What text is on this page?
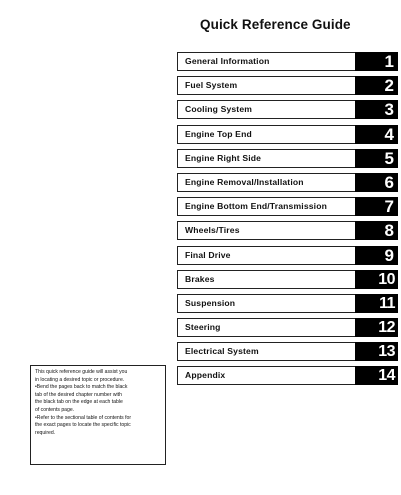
Quick Reference Guide
General Information	1
Fuel System	2
Cooling System	3
Engine Top End	4
Engine Right Side	5
Engine Removal/Installation	6
Engine Bottom End/Transmission	7
Wheels/Tires	8
Final Drive	9
Brakes	10
Suspension	11
Steering	12
Electrical System	13
Appendix	14
This quick reference guide will assist you
in locating a desired topic or procedure.
•Bend the pages back to match the black
tab of the desired chapter number with
the black tab on the edge at each table
of contents page.
•Refer to the sectional table of contents for
the exact pages to locate the specific topic
required.
